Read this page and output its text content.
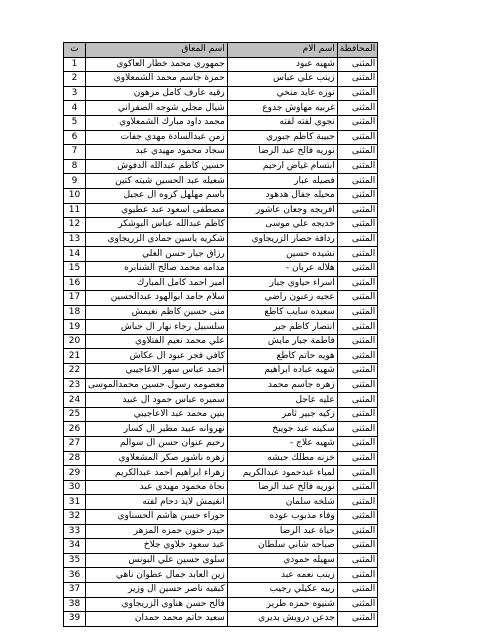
ت	اسم المعاق	اسم الام	المحافظة
1	جمهوري محمد خطار العاكوي	شهيه عبود	المثنى
2	حمزة جاسم محمد الشمعلاوي	زينب علي عباس	المثنى
3	رقيه عارف كامل مرهون	نوره عايد منخي	المثنى
4	شيال مجلي شوجه الصفراني	غربيه مهاوش جدوع	المثنى
5	محمد داود مبارك الشمعلاوي	نجوى لفته لفته	المثنى
6	زمن عبدالسادة مهدي جفات	حبيبة كاظم جبوري	المثنى
7	سجاد محمود مهيدي عبد	نوريه فالح عبد الرضا	المثنى
8	حسين كاظم عبدالله الدفوش	ابتسام غياض ارحيم	المثنى
9	شعيله عبد الحسين شيته كتين	فصيله عبار	المثنى
10	باسم مهلهل كروه ال عجيل	محيله جفال هدهود	المثنى
11	مصطفى اسعود عبد عطيوي	افريجه وجعان عاشور	المثنى
12	كاظم عبدالله عباس البوشكر	خديجه علي موسى	المثنى
13	شكريه ياسين حمادي الزريجاوي	ردافة حصار الزريجاوي	المثنى
14	رزاق جبار حسن العلي	نشيده حسين	المثنى
15	مدامه محمد صالح الشنابره	هلاله عربان -	المثنى
16	امير احمد كامل المبارك	اسراء حياوي جبار	المثنى
17	سلام حامد ابوالهود عبدالحسين	عجيه زعنون راضي	المثنى
18	منى حسين كاظم نغيمش	سعيده سايب كاطع	المثنى
19	سلسبيل رجاء نهار ال جباش	انتصار كاظم جبر	المثنى
20	علي محمد نعيم الفتلاوي	فاطمة جبار مايش	المثنى
21	كافي فجر عبود ال عكاش	هويه حاتم كاطع	المثنى
22	احمد عباس سهر الاعاجيبي	شهيه عباده ابراهيم	المثنى
23	معصومه رسول حسين محمدالموسى	زهره جاسم محمد	المثنى
24	سميره عباس حمود ال عبيد	عليه عاجل	المثنى
25	بنين محمد عبد الاعاجيبي	زكيه جبير ثامر	المثنى
26	نهروانه عبيد مطير ال كسار	سكينه عبد جويبخ	المثنى
27	رحيم عنوان حسن ال سوالم	شهيه علاج -	المثنى
28	زهره ناشور صكر المشعلاوي	خزنه مطلك حبشه	المثنى
29	زهراء ابراهيم احمد عبدالكريم	لمياء عبدحمود عبدالكريم	المثنى
30	نجاة محمود مهيدي عبد	نوريه فالح عبد الرضا	المثنى
31	انغيمش لايذ دحام لفته	شلخه سلمان	المثنى
32	حوراء حسن هاشم الحسناوي	وفاء مذبوب عوده	المثنى
33	حيدر حنون حمزه المزهر	حياة عبد الرضا	المثنى
34	عبد سعود خلاوي جلاخ	صباحه شاني سلطان	المثنى
35	سلوى حسين علي البونس	سهيله حمودي	المثنى
36	زين العابد جمال عطوان ناهي	زينب نعمه عبد	المثنى
37	كبقيه ناصر حسين ال وزير	ربيه عكيلي رجيب	المثنى
38	فالح حسن هناوي الزريجاوي	شنيوه حمزه طرير	المثنى
39	سعيد حاتم محمد حمدان	جدعن درويش بديري	المثنى
